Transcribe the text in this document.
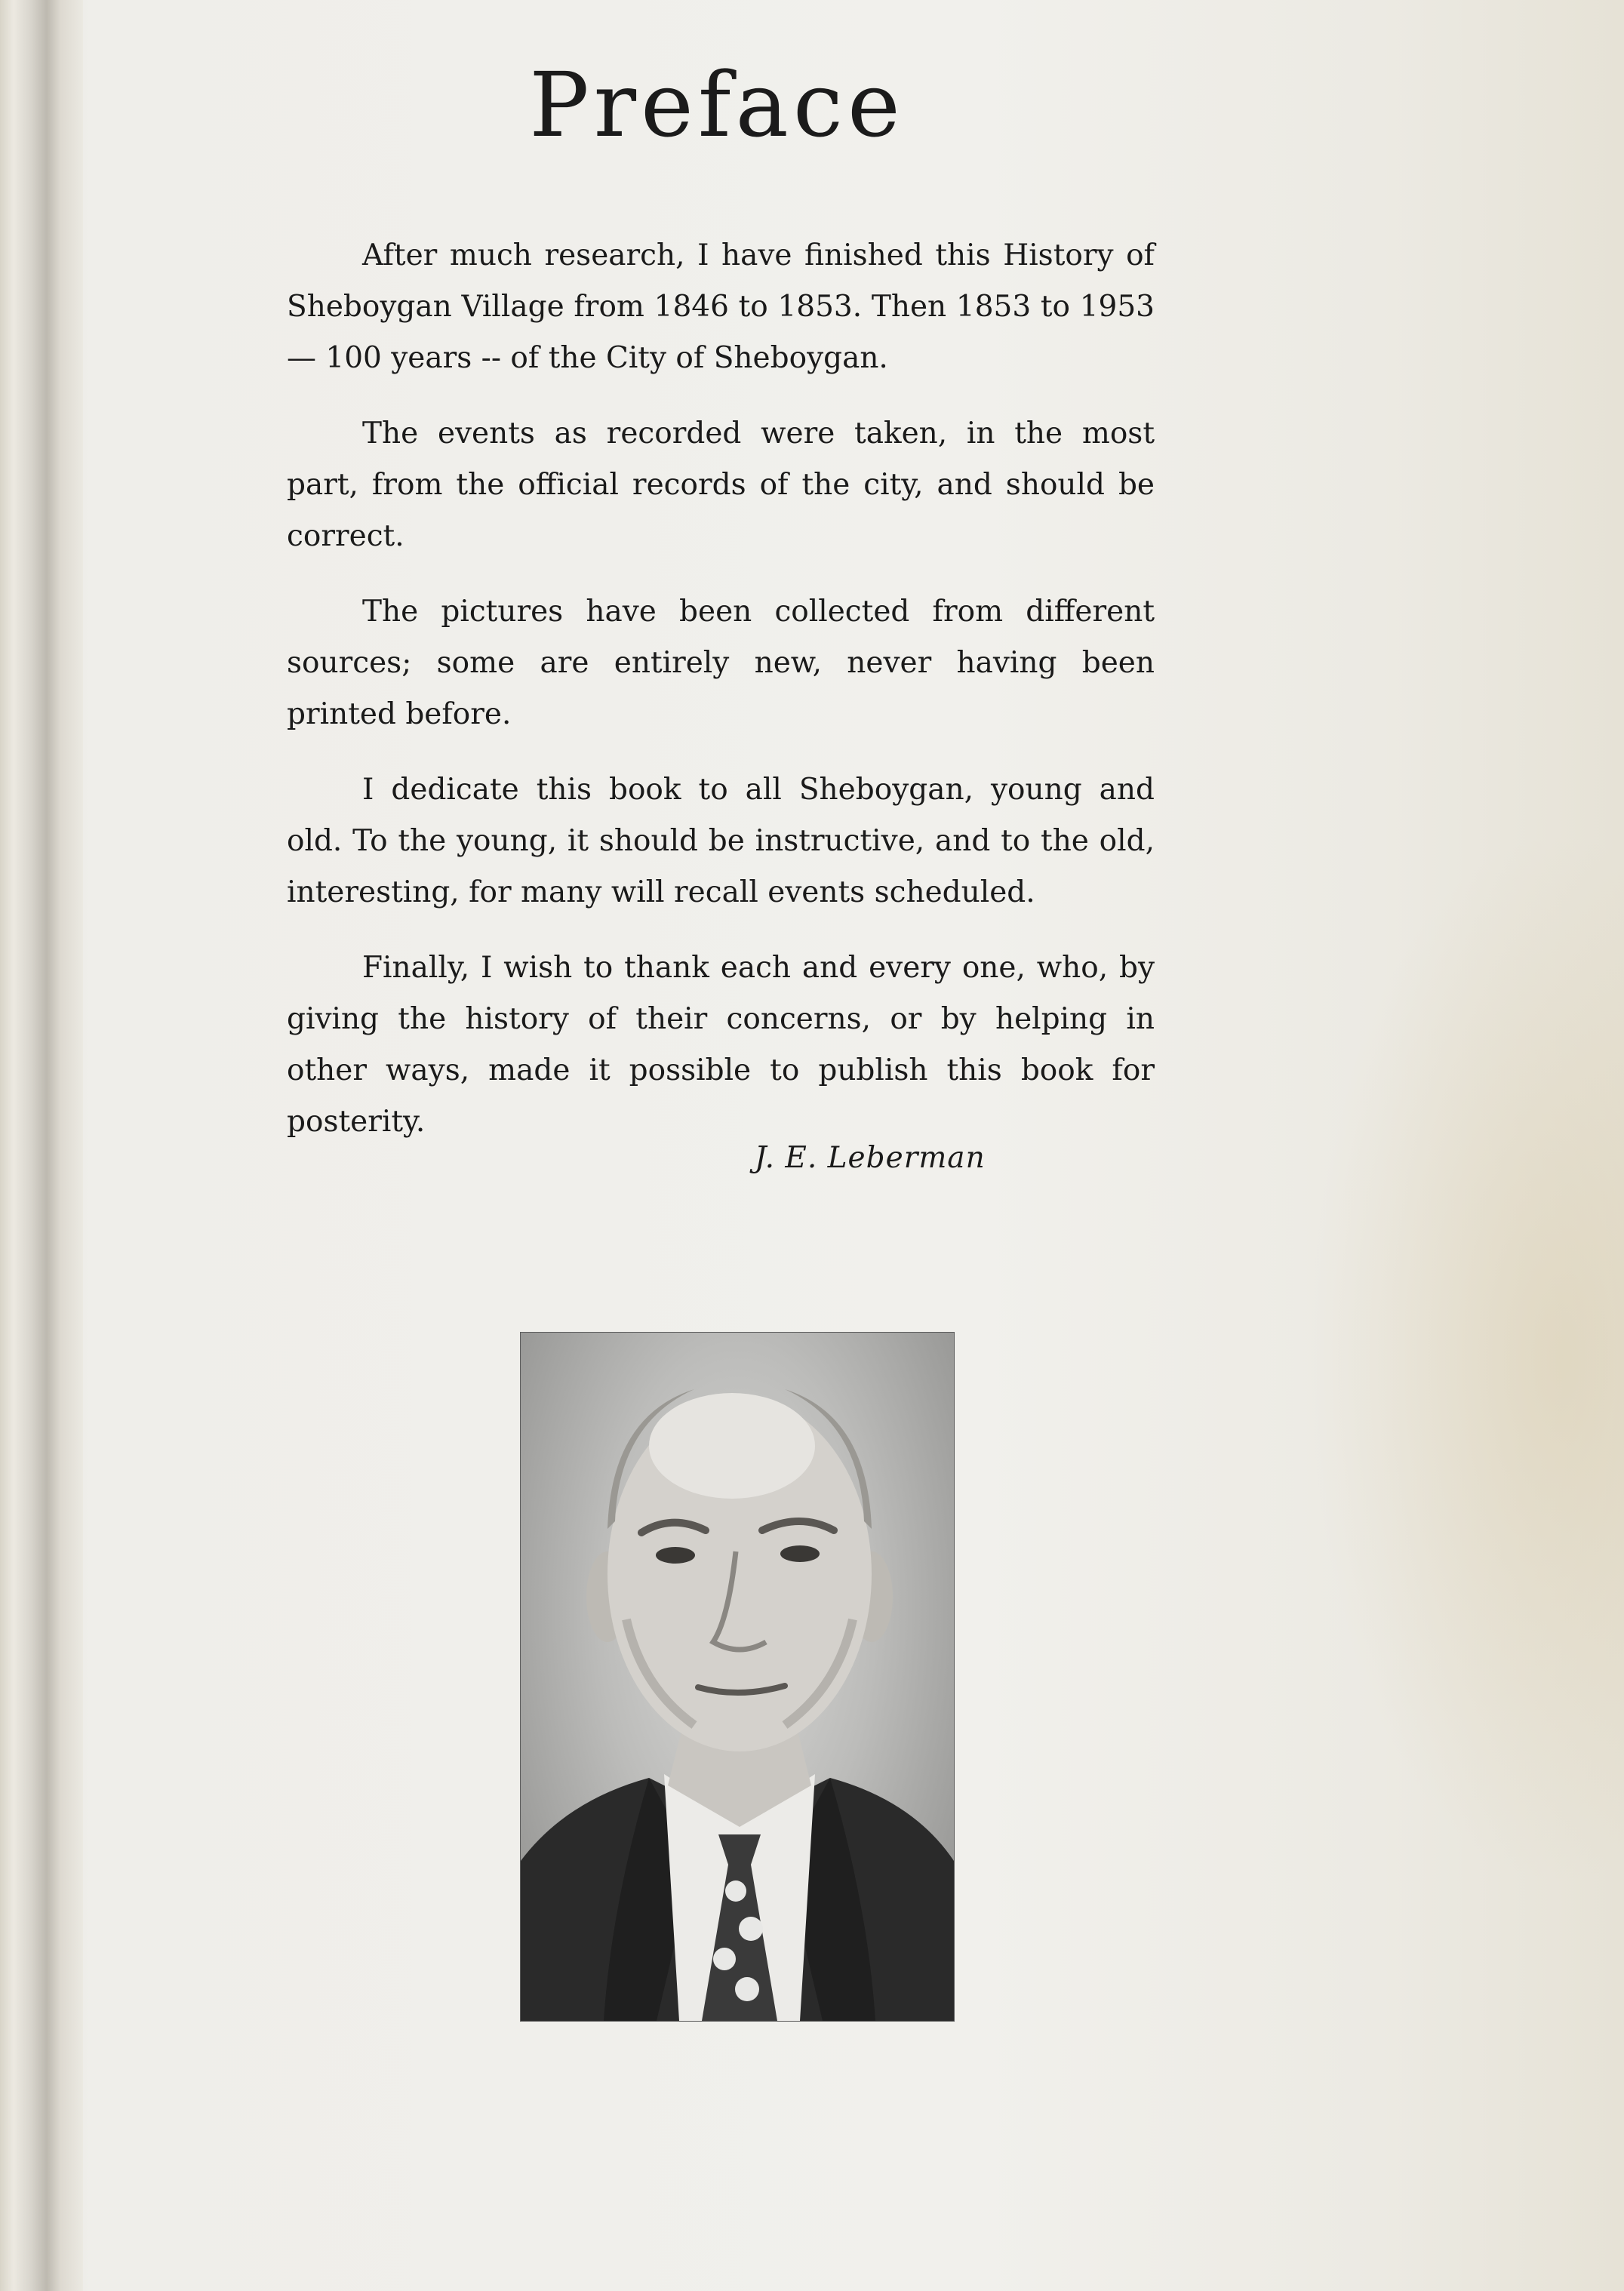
Preface

After much research, I have finished this History of Sheboygan Village from 1846 to 1853. Then 1853 to 1953 — 100 years -- of the City of Sheboygan.

The events as recorded were taken, in the most part, from the official records of the city, and should be correct.

The pictures have been collected from different sources; some are entirely new, never having been printed before.

I dedicate this book to all Sheboygan, young and old. To the young, it should be instructive, and to the old, interesting, for many will recall events scheduled.

Finally, I wish to thank each and every one, who, by giving the history of their concerns, or by helping in other ways, made it possible to publish this book for posterity.

J. E. Leberman
